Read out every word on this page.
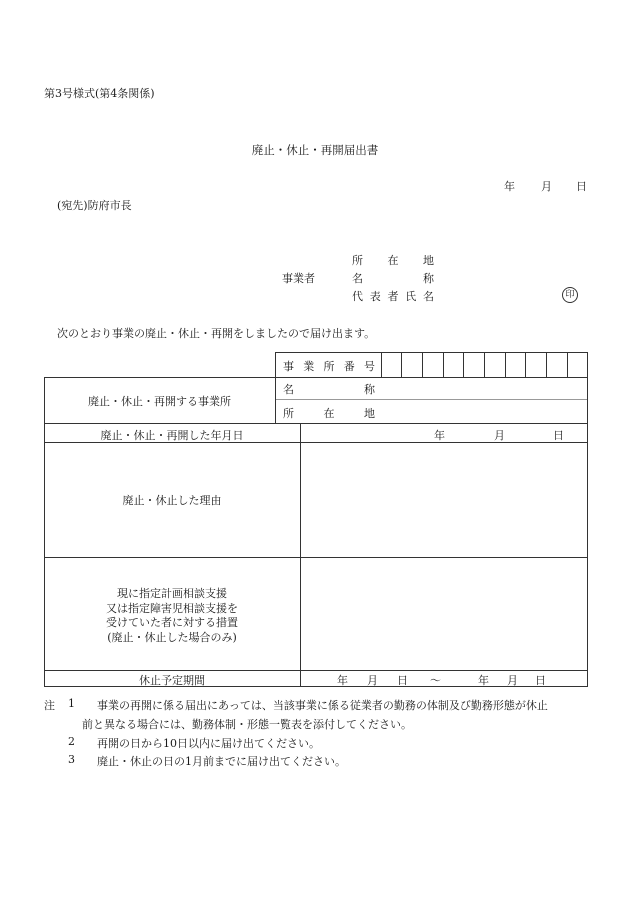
第3号様式(第4条関係)
廃止・休止・再開届出書
年 月 日
(宛先)防府市長
事業者
所 在 地
名	称
代 表 者 氏 名	印
次のとおり事業の廃止・休止・再開をしましたので届け出ます。
事 業 所 番 号
廃止・休止・再開する事業所
名	称
所	在	地
廃止・休止・再開した年月日	年	月	日
廃止・休止した理由
現に指定計画相談支援
又は指定障害児相談支援を
受けていた者に対する措置
(廃止・休止した場合のみ)
休止予定期間	年 月 日 〜	年 月 日
注 1 事業の再開に係る届出にあっては、当該事業に係る従業者の勤務の体制及び勤務形態が休止
前と異なる場合には、勤務体制・形態一覧表を添付してください。
2 再開の日から10日以内に届け出てください。
3 廃止・休止の日の1月前までに届け出てください。
